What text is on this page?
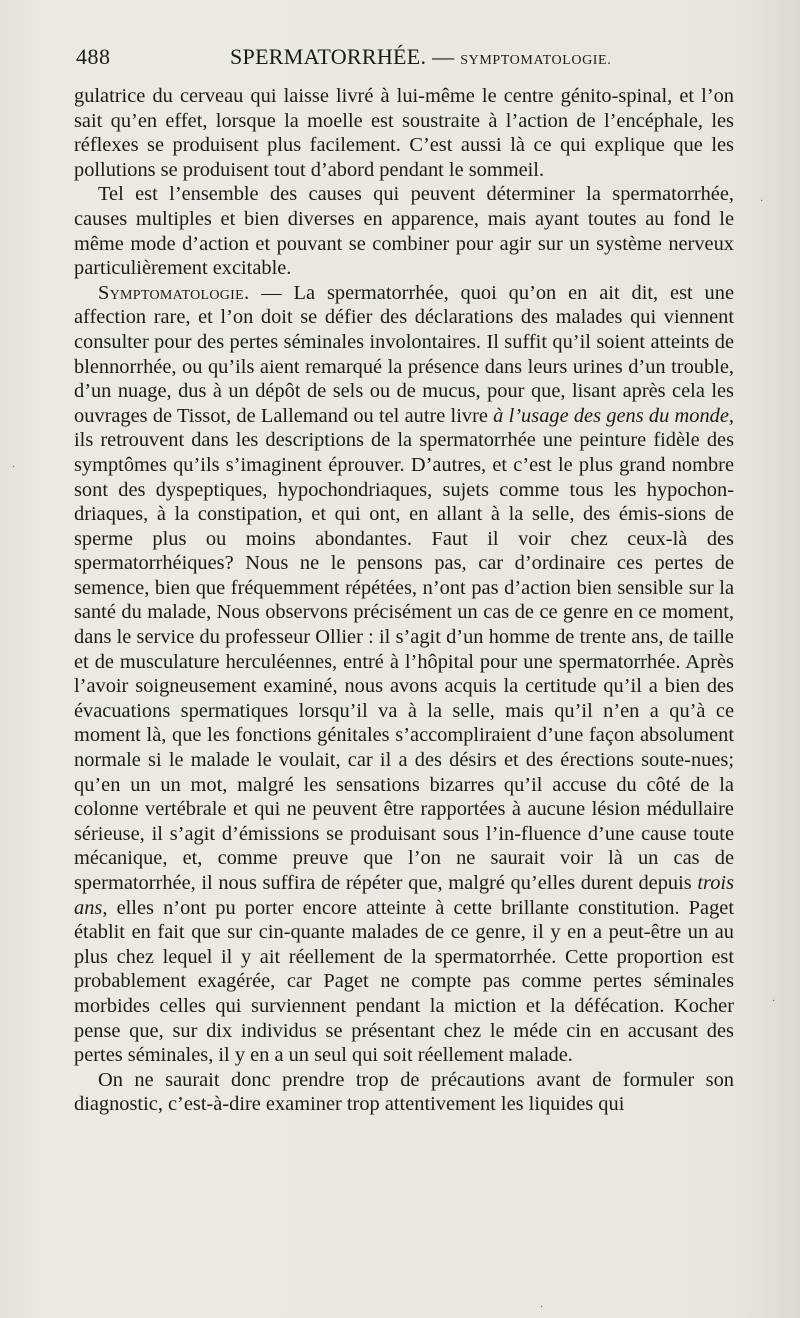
488	SPERMATORRHÉE. — SYMPTOMATOLOGIE.

gulatrice du cerveau qui laisse livré à lui-même le centre génito-spinal, et l’on sait qu’en effet, lorsque la moelle est soustraite à l’action de l’encéphale, les réflexes se produisent plus facilement. C’est aussi là ce qui explique que les pollutions se produisent tout d’abord pendant le sommeil.

Tel est l’ensemble des causes qui peuvent déterminer la spermatorrhée, causes multiples et bien diverses en apparence, mais ayant toutes au fond le même mode d’action et pouvant se combiner pour agir sur un système nerveux particulièrement excitable.

Symptomatologie. — La spermatorrhée, quoi qu’on en ait dit, est une affection rare, et l’on doit se défier des déclarations des malades qui viennent consulter pour des pertes séminales involontaires. Il suffit qu’il soient atteints de blennorrhée, ou qu’ils aient remarqué la présence dans leurs urines d’un trouble, d’un nuage, dus à un dépôt de sels ou de mucus, pour que, lisant après cela les ouvrages de Tissot, de Lallemand ou tel autre livre à l’usage des gens du monde, ils retrouvent dans les descriptions de la spermatorrhée une peinture fidèle des symptômes qu’ils s’imaginent éprouver. D’autres, et c’est le plus grand nombre sont des dyspeptiques, hypochondriaques, sujets comme tous les hypochon-driaques, à la constipation, et qui ont, en allant à la selle, des émis-sions de sperme plus ou moins abondantes. Faut il voir chez ceux-là des spermatorrhéiques? Nous ne le pensons pas, car d’ordinaire ces pertes de semence, bien que fréquemment répétées, n’ont pas d’action bien sensible sur la santé du malade, Nous observons précisément un cas de ce genre en ce moment, dans le service du professeur Ollier : il s’agit d’un homme de trente ans, de taille et de musculature herculéennes, entré à l’hôpital pour une spermatorrhée. Après l’avoir soigneusement examiné, nous avons acquis la certitude qu’il a bien des évacuations spermatiques lorsqu’il va à la selle, mais qu’il n’en a qu’à ce moment là, que les fonctions génitales s’accompliraient d’une façon absolument normale si le malade le voulait, car il a des désirs et des érections soute-nues; qu’en un un mot, malgré les sensations bizarres qu’il accuse du côté de la colonne vertébrale et qui ne peuvent être rapportées à aucune lésion médullaire sérieuse, il s’agit d’émissions se produisant sous l’in-fluence d’une cause toute mécanique, et, comme preuve que l’on ne saurait voir là un cas de spermatorrhée, il nous suffira de répéter que, malgré qu’elles durent depuis trois ans, elles n’ont pu porter encore atteinte à cette brillante constitution. Paget établit en fait que sur cin-quante malades de ce genre, il y en a peut-être un au plus chez lequel il y ait réellement de la spermatorrhée. Cette proportion est probablement exagérée, car Paget ne compte pas comme pertes séminales morbides celles qui surviennent pendant la miction et la défécation. Kocher pense que, sur dix individus se présentant chez le méde cin en accusant des pertes séminales, il y en a un seul qui soit réellement malade.

On ne saurait donc prendre trop de précautions avant de formuler son diagnostic, c’est-à-dire examiner trop attentivement les liquides qui

·
·
·
·
